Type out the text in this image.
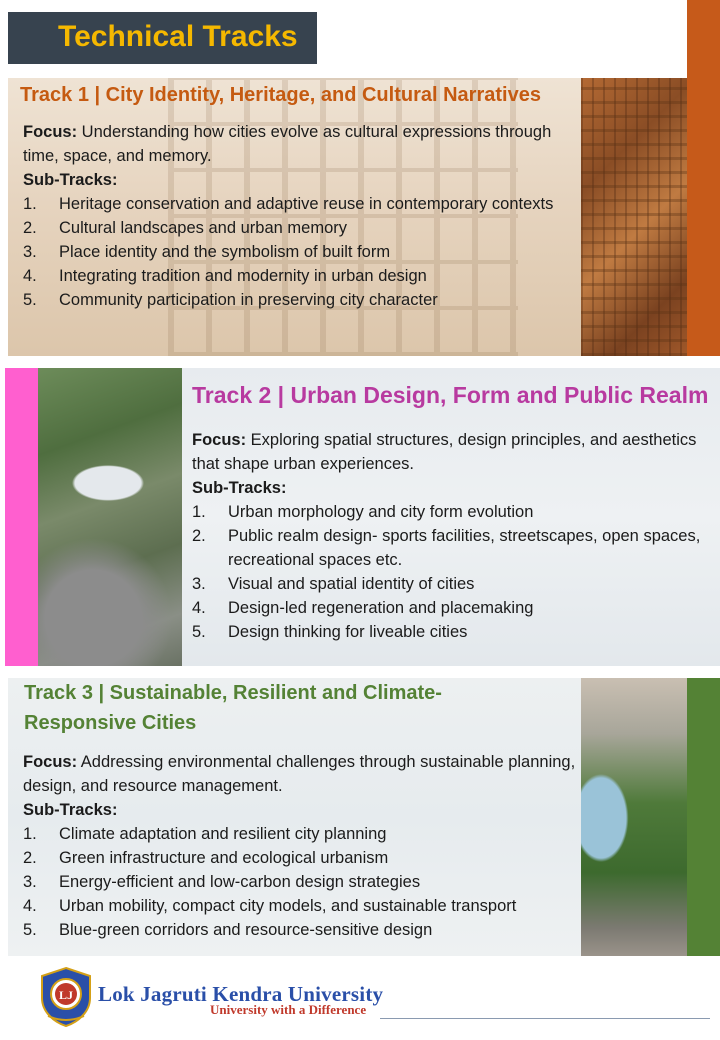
Technical Tracks
Track 1 | City Identity, Heritage, and Cultural Narratives
Focus: Understanding how cities evolve as cultural expressions through time, space, and memory.
Sub-Tracks:
1.	Heritage conservation and adaptive reuse in contemporary contexts
2.	Cultural landscapes and urban memory
3.	Place identity and the symbolism of built form
4.	Integrating tradition and modernity in urban design
5.	Community participation in preserving city character
Track 2 | Urban Design, Form and Public Realm
Focus: Exploring spatial structures, design principles, and aesthetics that shape urban experiences.
Sub-Tracks:
1.	Urban morphology and city form evolution
2.	Public realm design- sports facilities, streetscapes, open spaces, recreational spaces etc.
3.	Visual and spatial identity of cities
4.	Design-led regeneration and placemaking
5.	Design thinking for liveable cities
Track 3 | Sustainable, Resilient and Climate-Responsive Cities
Focus: Addressing environmental challenges through sustainable planning, design, and resource management.
Sub-Tracks:
1.	Climate adaptation and resilient city planning
2.	Green infrastructure and ecological urbanism
3.	Energy-efficient and low-carbon design strategies
4.	Urban mobility, compact city models, and sustainable transport
5.	Blue-green corridors and resource-sensitive design
LJ Lok Jagruti Kendra University
University with a Difference
